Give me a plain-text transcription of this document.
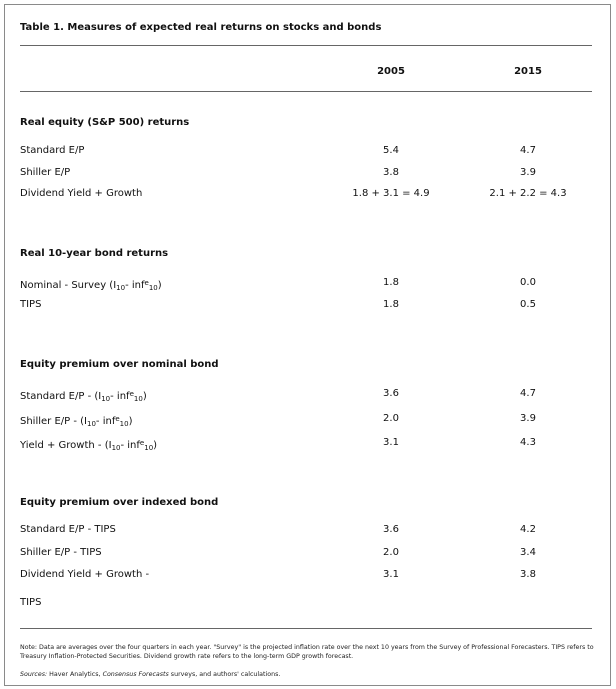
Table 1. Measures of expected real returns on stocks and bonds
2005	2015
Real equity (S&P 500) returns
Standard E/P	5.4	4.7
Shiller E/P	3.8	3.9
Dividend Yield + Growth	1.8 + 3.1 = 4.9	2.1 + 2.2 = 4.3
Real 10-year bond returns
Nominal - Survey ($I_{10}-$ inf$^e_{10}$)	1.8	0.0
TIPS	1.8	0.5
Equity premium over nominal bond
Standard $E/P - (I_{10}-$ inf$^e_{10}$)	3.6	4.7
Shiller $E/P - (I_{10}-$ inf$^e_{10}$)	2.0	3.9
Yield + Growth - ($I_{10}-$ inf$^e_{10}$)	3.1	4.3
Equity premium over indexed bond
Standard E/P - TIPS	3.6	4.2
Shiller E/P - TIPS	2.0	3.4
Dividend Yield + Growth -	3.1	3.8
TIPS
Note: Data are averages over the four quarters in each year. "Survey" is the projected inflation rate over the next 10 years from the Survey of Professional Forecasters. TIPS refers to Treasury Inflation-Protected Securities. Dividend growth rate refers to the long-term GDP growth forecast.
Sources: Haver Analytics, Consensus Forecasts surveys, and authors' calculations.
